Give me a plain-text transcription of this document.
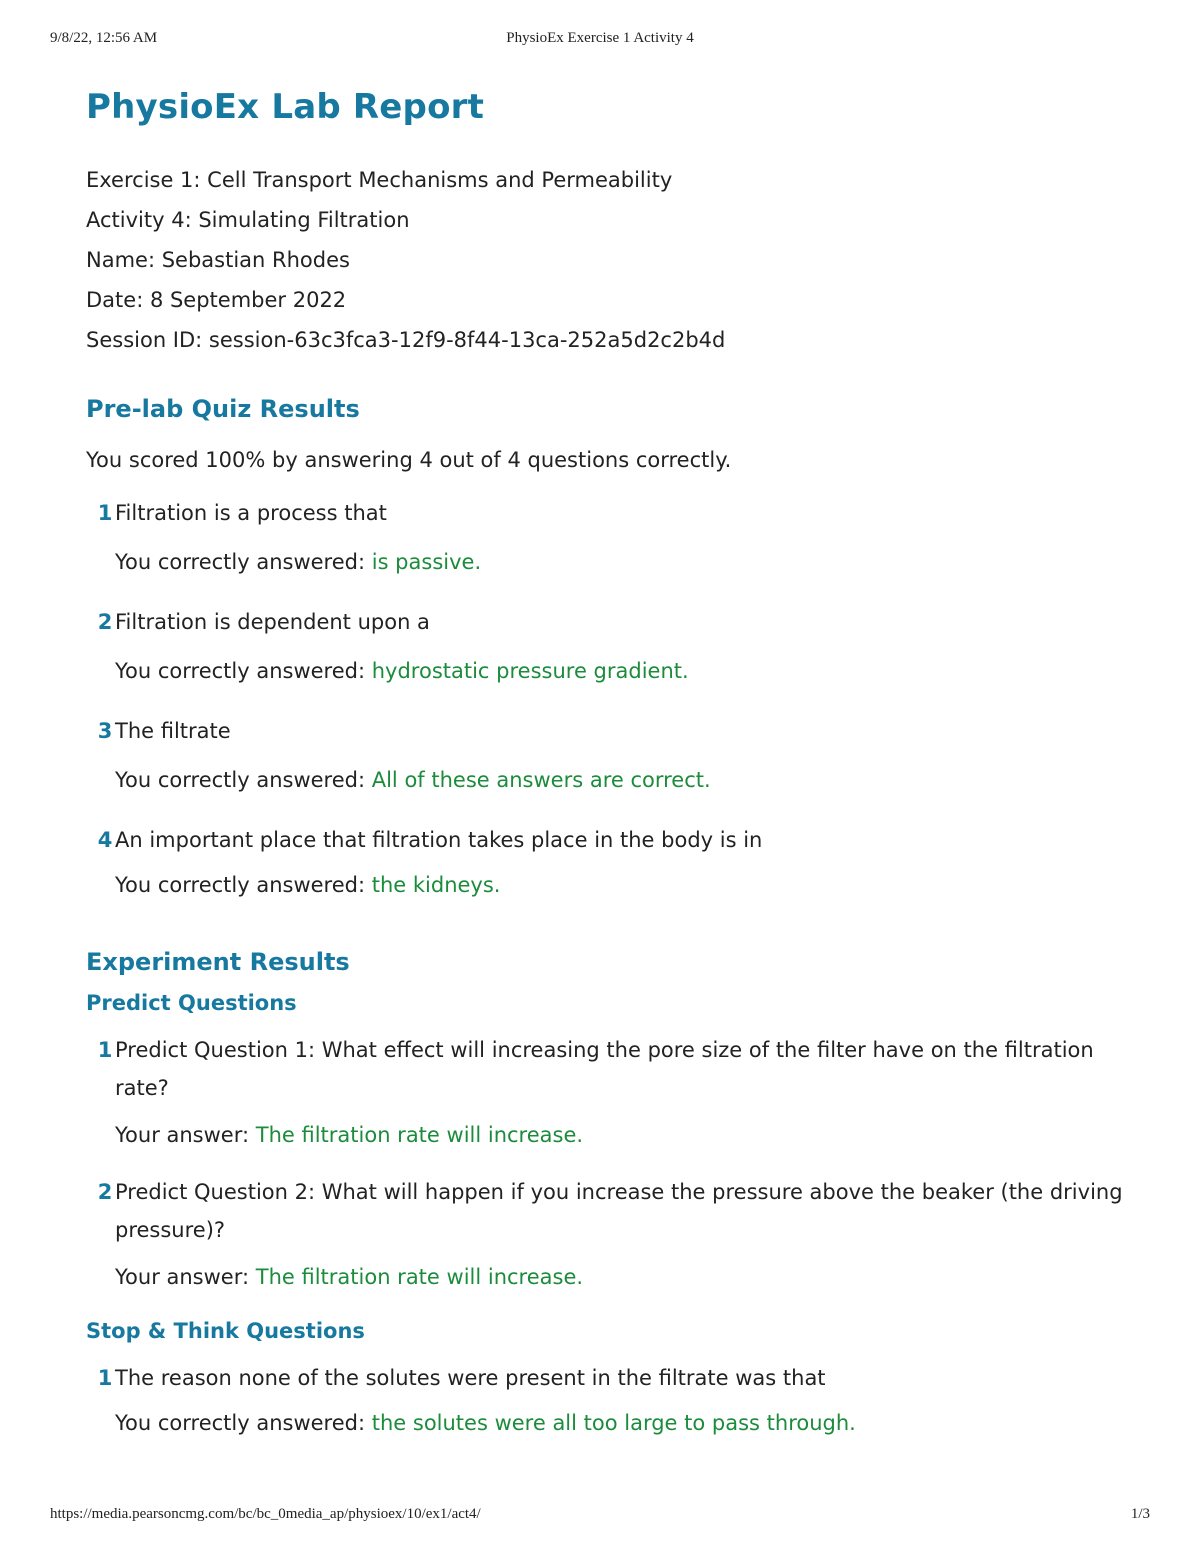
9/8/22, 12:56 AM	PhysioEx Exercise 1 Activity 4
PhysioEx Lab Report
Exercise 1: Cell Transport Mechanisms and Permeability
Activity 4: Simulating Filtration
Name: Sebastian Rhodes
Date: 8 September 2022
Session ID: session-63c3fca3-12f9-8f44-13ca-252a5d2c2b4d
Pre-lab Quiz Results
You scored 100% by answering 4 out of 4 questions correctly.
1 Filtration is a process that
You correctly answered: is passive.
2 Filtration is dependent upon a
You correctly answered: hydrostatic pressure gradient.
3 The filtrate
You correctly answered: All of these answers are correct.
4 An important place that filtration takes place in the body is in
You correctly answered: the kidneys.
Experiment Results
Predict Questions
1 Predict Question 1: What effect will increasing the pore size of the filter have on the filtration rate?
Your answer: The filtration rate will increase.
2 Predict Question 2: What will happen if you increase the pressure above the beaker (the driving pressure)?
Your answer: The filtration rate will increase.
Stop & Think Questions
1 The reason none of the solutes were present in the filtrate was that
You correctly answered: the solutes were all too large to pass through.
https://media.pearsoncmg.com/bc/bc_0media_ap/physioex/10/ex1/act4/	1/3
